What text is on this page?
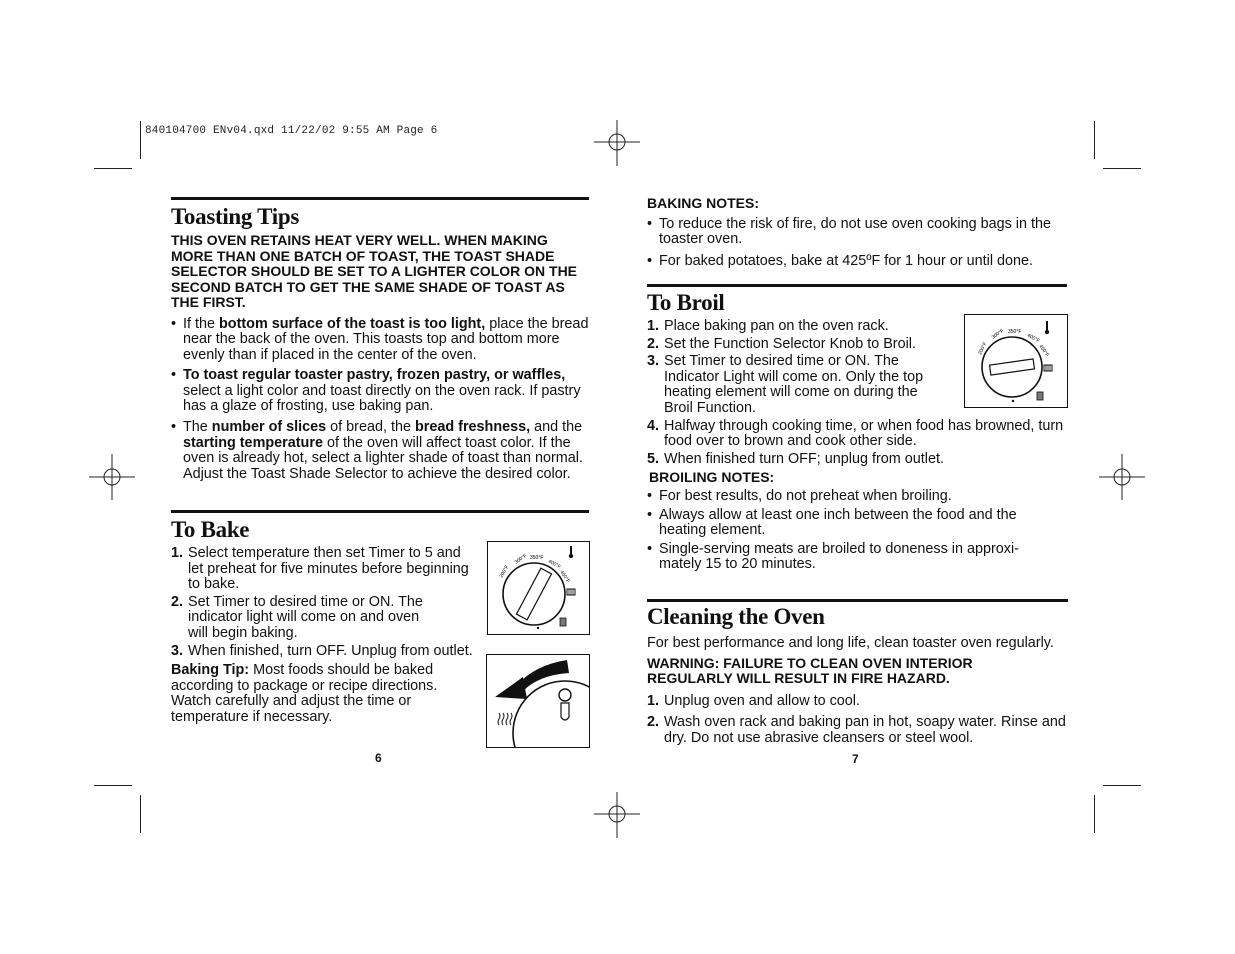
840104700 ENv04.qxd 11/22/02 9:55 AM Page 6
Toasting Tips
THIS OVEN RETAINS HEAT VERY WELL. WHEN MAKING MORE THAN ONE BATCH OF TOAST, THE TOAST SHADE SELECTOR SHOULD BE SET TO A LIGHTER COLOR ON THE SECOND BATCH TO GET THE SAME SHADE OF TOAST AS THE FIRST.
• If the bottom surface of the toast is too light, place the bread near the back of the oven. This toasts top and bottom more evenly than if placed in the center of the oven.
• To toast regular toaster pastry, frozen pastry, or waffles, select a light color and toast directly on the oven rack. If pastry has a glaze of frosting, use baking pan.
• The number of slices of bread, the bread freshness, and the starting temperature of the oven will affect toast color. If the oven is already hot, select a lighter shade of toast than normal. Adjust the Toast Shade Selector to achieve the desired color.
To Bake
1. Select temperature then set Timer to 5 and let preheat for five minutes before beginning to bake.
2. Set Timer to desired time or ON. The indicator light will come on and oven will begin baking.
3. When finished, turn OFF. Unplug from outlet.
Baking Tip: Most foods should be baked according to package or recipe directions. Watch carefully and adjust the time or temperature if necessary.
200°F
300°F 350°F
400°F
450°F
6
BAKING NOTES:
• To reduce the risk of fire, do not use oven cooking bags in the toaster oven.
• For baked potatoes, bake at 425ºF for 1 hour or until done.
To Broil
1. Place baking pan on the oven rack.
2. Set the Function Selector Knob to Broil.
3. Set Timer to desired time or ON. The Indicator Light will come on. Only the top heating element will come on during the Broil Function.
4. Halfway through cooking time, or when food has browned, turn food over to brown and cook other side.
5. When finished turn OFF; unplug from outlet.
BROILING NOTES:
• For best results, do not preheat when broiling.
• Always allow at least one inch between the food and the heating element.
• Single-serving meats are broiled to doneness in approxi- mately 15 to 20 minutes.
200°F
300°F 350°F
400°F
450°F
Cleaning the Oven
For best performance and long life, clean toaster oven regularly.
WARNING: FAILURE TO CLEAN OVEN INTERIOR REGULARLY WILL RESULT IN FIRE HAZARD.
1. Unplug oven and allow to cool.
2. Wash oven rack and baking pan in hot, soapy water. Rinse and dry. Do not use abrasive cleansers or steel wool.
7
